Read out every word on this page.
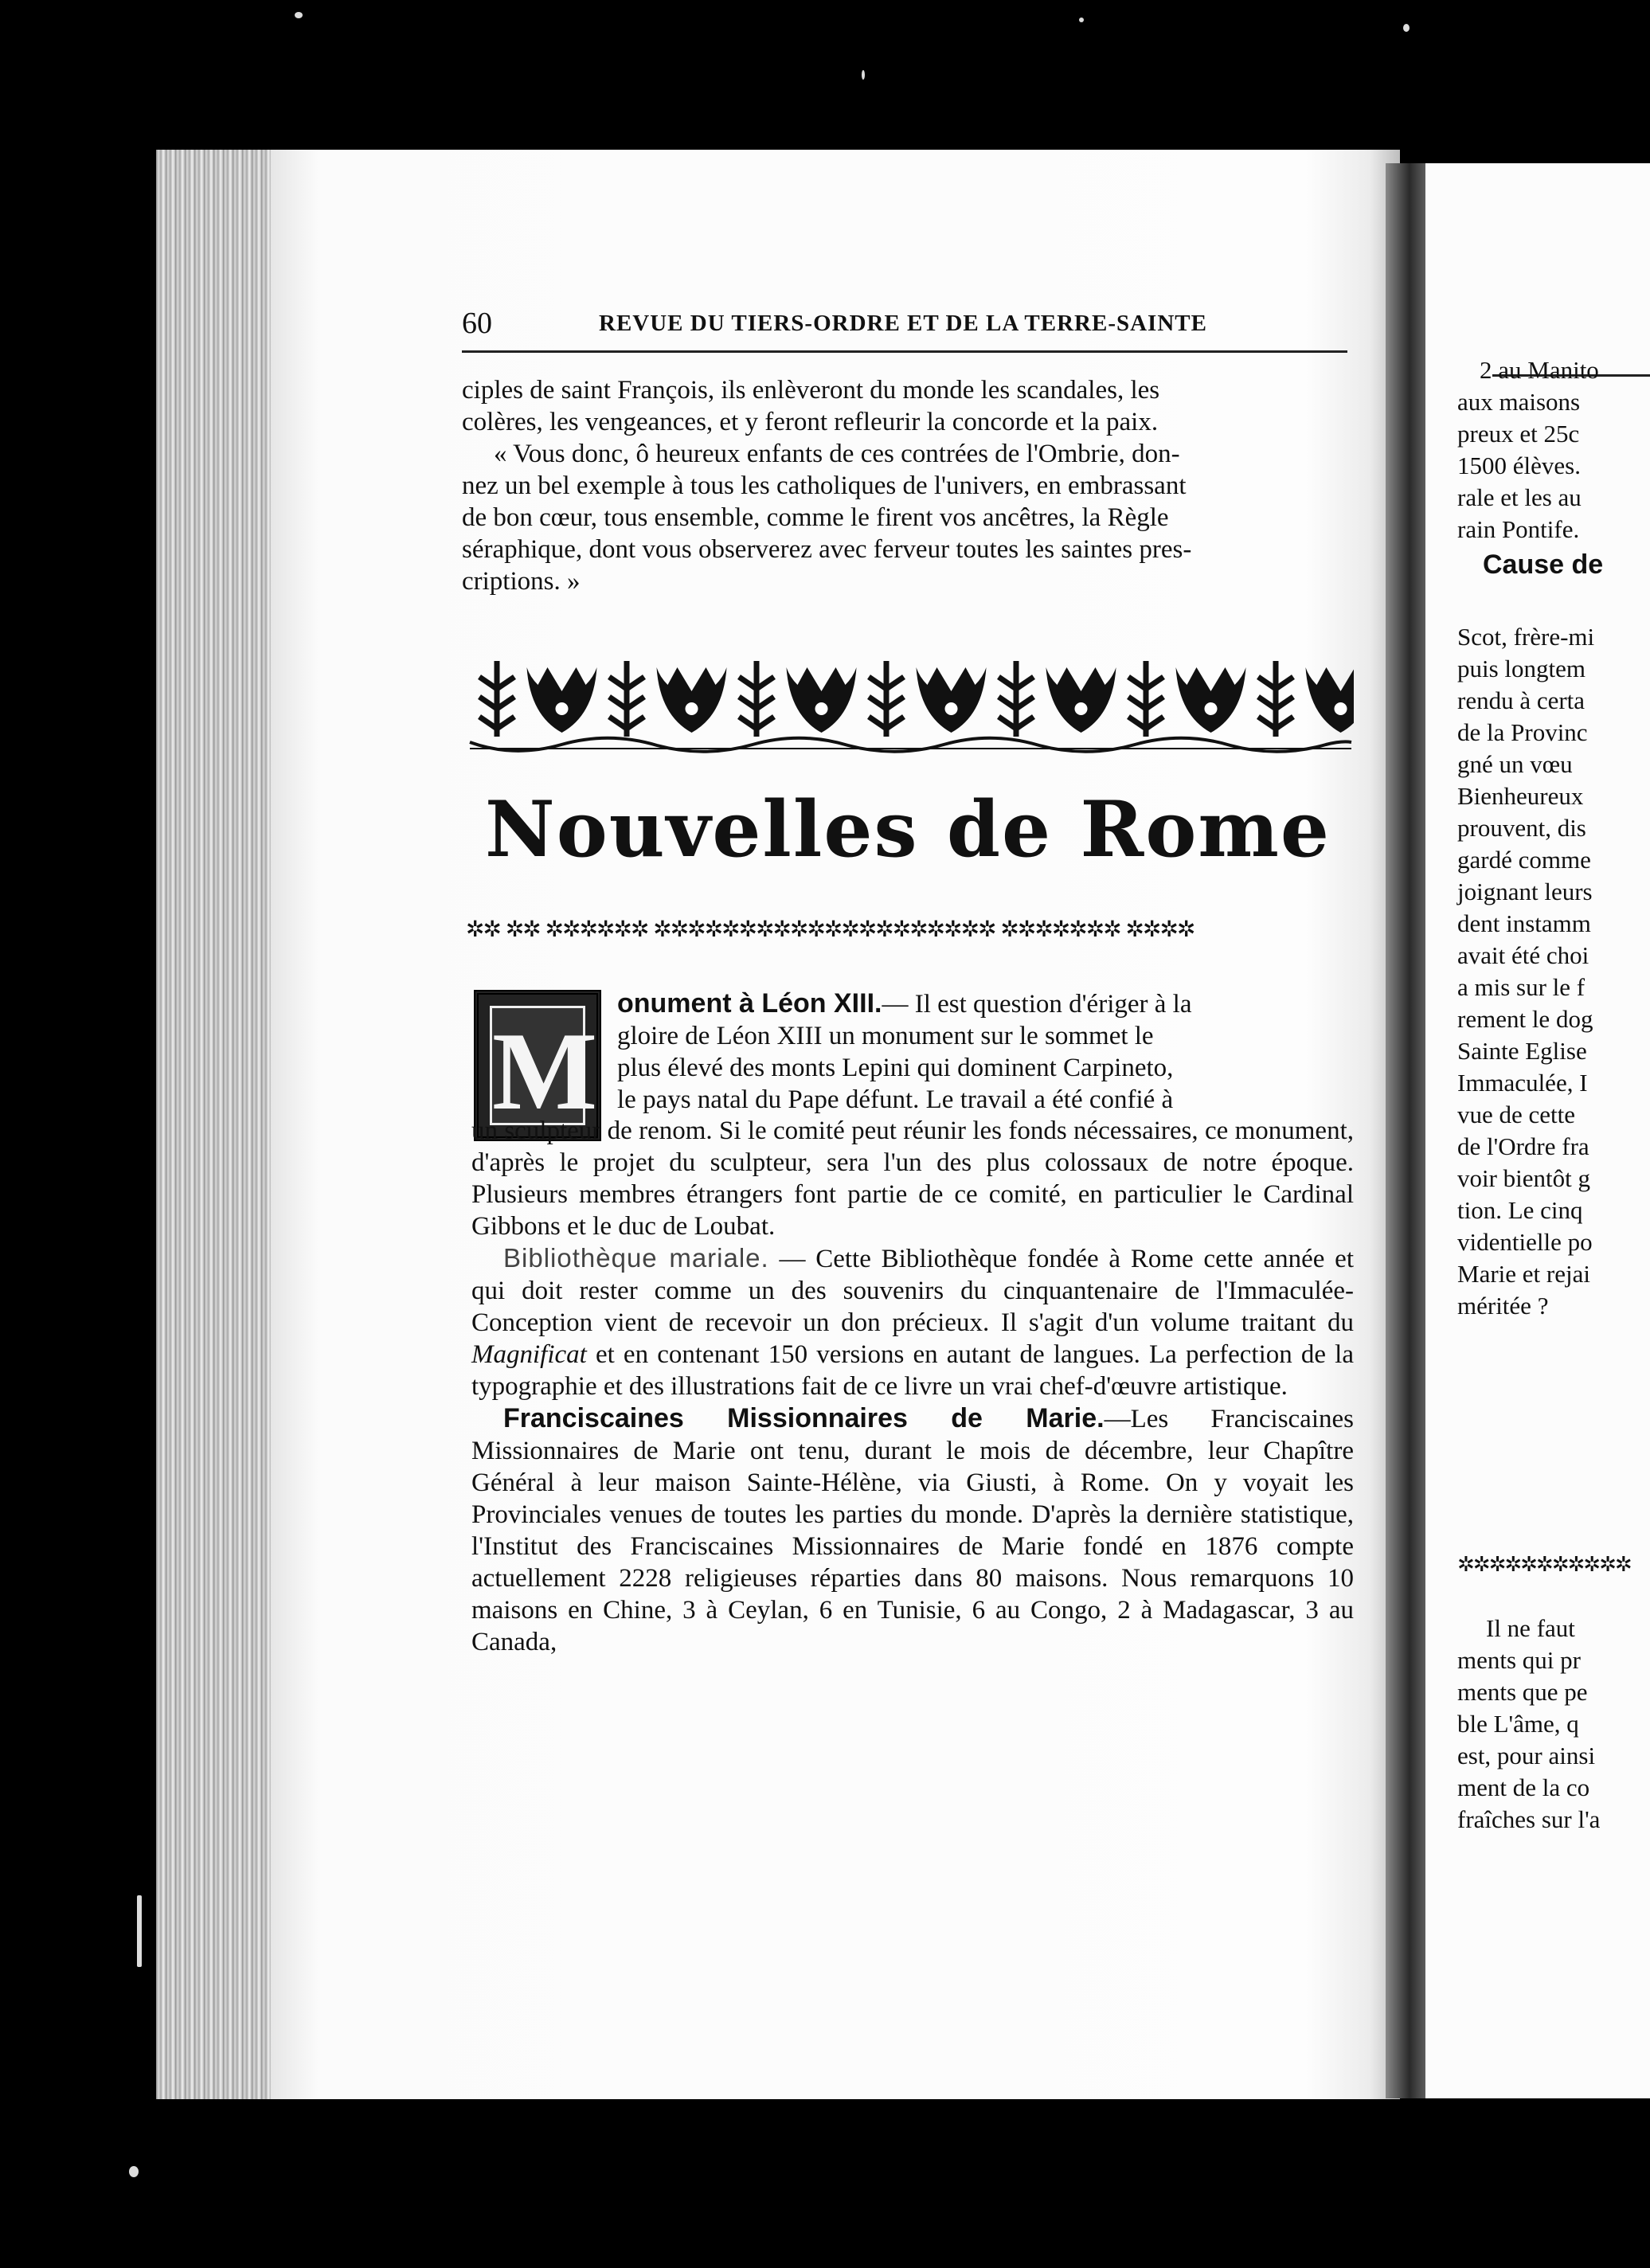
60	REVUE DU TIERS-ORDRE ET DE LA TERRE-SAINTE
ciples de saint François, ils enlèveront du monde les scandales, les
colères, les vengeances, et y feront refleurir la concorde et la paix.
« Vous donc, ô heureux enfants de ces contrées de l'Ombrie, don-
nez un bel exemple à tous les catholiques de l'univers, en embrassant
de bon cœur, tous ensemble, comme le firent vos ancêtres, la Règle
séraphique, dont vous observerez avec ferveur toutes les saintes pres-
criptions. »
Nouvelles de Rome
✲✲ ✲✲ ✲✲✲✲✲✲ ✲✲✲✲✲✲✲✲✲✲✲✲✲✲✲✲✲✲✲✲ ✲✲✲✲✲✲✲ ✲✲✲✲
M
onument à Léon XIII.— Il est question d'ériger à la
gloire de Léon XIII un monument sur le sommet le
plus élevé des monts Lepini qui dominent Carpineto,
le pays natal du Pape défunt. Le travail a été confié à

un sculpteur de renom. Si le comité peut réunir les fonds nécessaires, ce monument, d'après le projet du sculpteur, sera l'un des plus colossaux de notre époque. Plusieurs membres étrangers font partie de ce comité, en particulier le Cardinal Gibbons et le duc de Loubat.

Bibliothèque mariale. — Cette Bibliothèque fondée à Rome cette année et qui doit rester comme un des souvenirs du cinquantenaire de l'Immaculée-Conception vient de recevoir un don précieux. Il s'agit d'un volume traitant du Magnificat et en contenant 150 versions en autant de langues. La perfection de la typographie et des illustrations fait de ce livre un vrai chef-d'œuvre artistique.

Franciscaines Missionnaires de Marie.—Les Franciscaines Missionnaires de Marie ont tenu, durant le mois de décembre, leur Chapître Général à leur maison Sainte-Hélène, via Giusti, à Rome. On y voyait les Provinciales venues de toutes les parties du monde. D'après la dernière statistique, l'Institut des Franciscaines Missionnaires de Marie fondé en 1876 compte actuellement 2228 religieuses réparties dans 80 maisons. Nous remarquons 10 maisons en Chine, 3 à Ceylan, 6 en Tunisie, 6 au Congo, 2 à Madagascar, 3 au Canada,

2 au Manito
aux maisons
preux et 25c
1500 élèves.
rale et les au
rain Pontife.
Cause de
Scot, frère-mi
puis longtem
rendu à certa
de la Provinc
gné un vœu
Bienheureux
prouvent, dis
gardé comme
joignant leurs
dent instamm
avait été choi
a mis sur le f
rement le dog
Sainte Eglise
Immaculée, I
vue de cette
de l'Ordre fra
voir bientôt g
tion. Le cinq
videntielle po
Marie et rejai
méritée ?
✲✲✲✲✲✲✲✲✲✲✲
Il ne faut
ments qui pr
ments que pe
ble L'âme, q
est, pour ainsi
ment de la co
fraîches sur l'a
